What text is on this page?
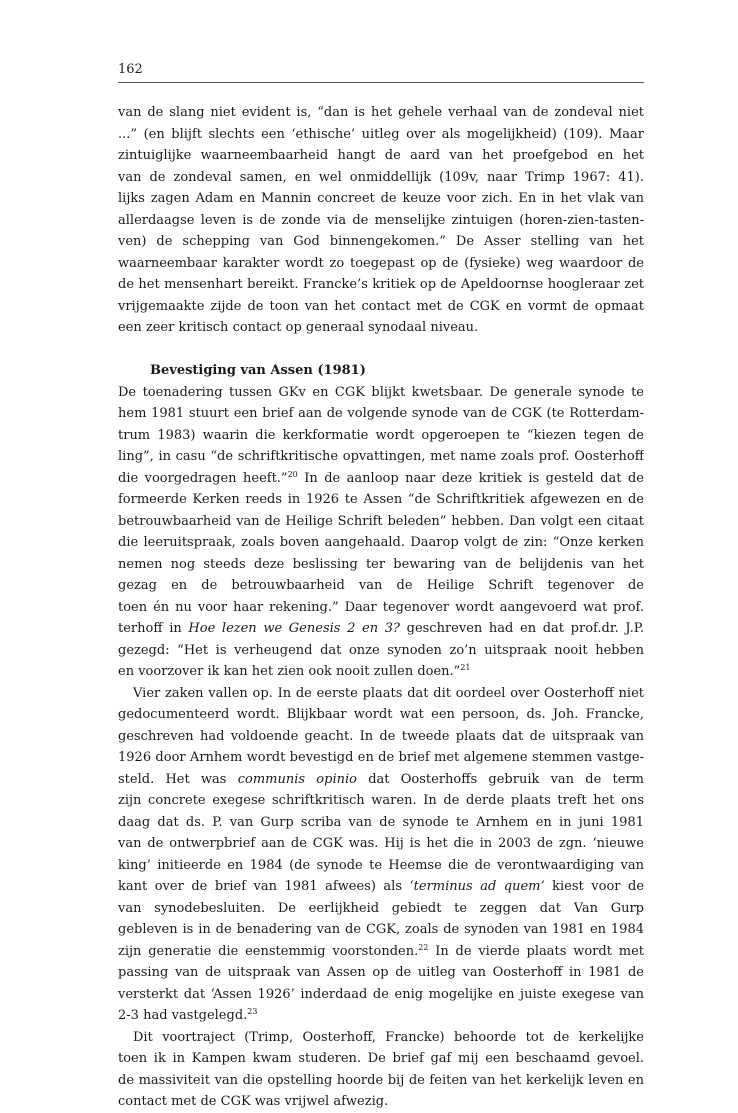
162
van de slang niet evident is, “dan is het gehele verhaal van de zondeval niet
...” (en blijft slechts een ‘ethische’ uitleg over als mogelijkheid) (109). Maar
zintuiglijke waarneembaarheid hangt de aard van het proefgebod en het
van de zondeval samen, en wel onmiddellijk (109v, naar Trimp 1967: 41).
lijks zagen Adam en Mannin concreet de keuze voor zich. En in het vlak van
allerdaagse leven is de zonde via de menselijke zintuigen (horen-zien-tasten-
ven) de schepping van God binnengekomen.” De Asser stelling van het
waarneembaar karakter wordt zo toegepast op de (fysieke) weg waardoor de
de het mensenhart bereikt. Francke’s kritiek op de Apeldoornse hoogleraar zet
vrijgemaakte zijde de toon van het contact met de CGK en vormt de opmaat
een zeer kritisch contact op generaal synodaal niveau.
Bevestiging van Assen (1981)
De toenadering tussen GKv en CGK blijkt kwetsbaar. De generale synode te
hem 1981 stuurt een brief aan de volgende synode van de CGK (te Rotterdam-
trum 1983) waarin die kerkformatie wordt opgeroepen te “kiezen tegen de
ling”, in casu “de schriftkritische opvattingen, met name zoals prof. Oosterhoff
die voorgedragen heeft.”$^{20}$ In de aanloop naar deze kritiek is gesteld dat de
formeerde Kerken reeds in 1926 te Assen “de Schriftkritiek afgewezen en de
betrouwbaarheid van de Heilige Schrift beleden” hebben. Dan volgt een citaat
die leeruitspraak, zoals boven aangehaald. Daarop volgt de zin: “Onze kerken
nemen nog steeds deze beslissing ter bewaring van de belijdenis van het
gezag en de betrouwbaarheid van de Heilige Schrift tegenover de
toen én nu voor haar rekening.” Daar tegenover wordt aangevoerd wat prof.
terhoff in Hoe lezen we Genesis 2 en 3? geschreven had en dat prof.dr. J.P.
gezegd: “Het is verheugend dat onze synoden zo’n uitspraak nooit hebben
en voorzover ik kan het zien ook nooit zullen doen.”$^{21}$
Vier zaken vallen op. In de eerste plaats dat dit oordeel over Oosterhoff niet
gedocumenteerd wordt. Blijkbaar wordt wat een persoon, ds. Joh. Francke,
geschreven had voldoende geacht. In de tweede plaats dat de uitspraak van
1926 door Arnhem wordt bevestigd en de brief met algemene stemmen vastge-
steld. Het was communis opinio dat Oosterhoffs gebruik van de term
zijn concrete exegese schriftkritisch waren. In de derde plaats treft het ons
daag dat ds. P. van Gurp scriba van de synode te Arnhem en in juni 1981
van de ontwerpbrief aan de CGK was. Hij is het die in 2003 de zgn. ‘nieuwe
king’ initieerde en 1984 (de synode te Heemse die de verontwaardiging van
kant over de brief van 1981 afwees) als ‘terminus ad quem’ kiest voor de
van synodebesluiten. De eerlijkheid gebiedt te zeggen dat Van Gurp
gebleven is in de benadering van de CGK, zoals de synoden van 1981 en 1984
zijn generatie die eenstemmig voorstonden.$^{22}$ In de vierde plaats wordt met
passing van de uitspraak van Assen op de uitleg van Oosterhoff in 1981 de
versterkt dat ‘Assen 1926’ inderdaad de enig mogelijke en juiste exegese van
2-3 had vastgelegd.$^{23}$
Dit voortraject (Trimp, Oosterhoff, Francke) behoorde tot de kerkelijke
toen ik in Kampen kwam studeren. De brief gaf mij een beschaamd gevoel.
de massiviteit van die opstelling hoorde bij de feiten van het kerkelijk leven en
contact met de CGK was vrijwel afwezig.
